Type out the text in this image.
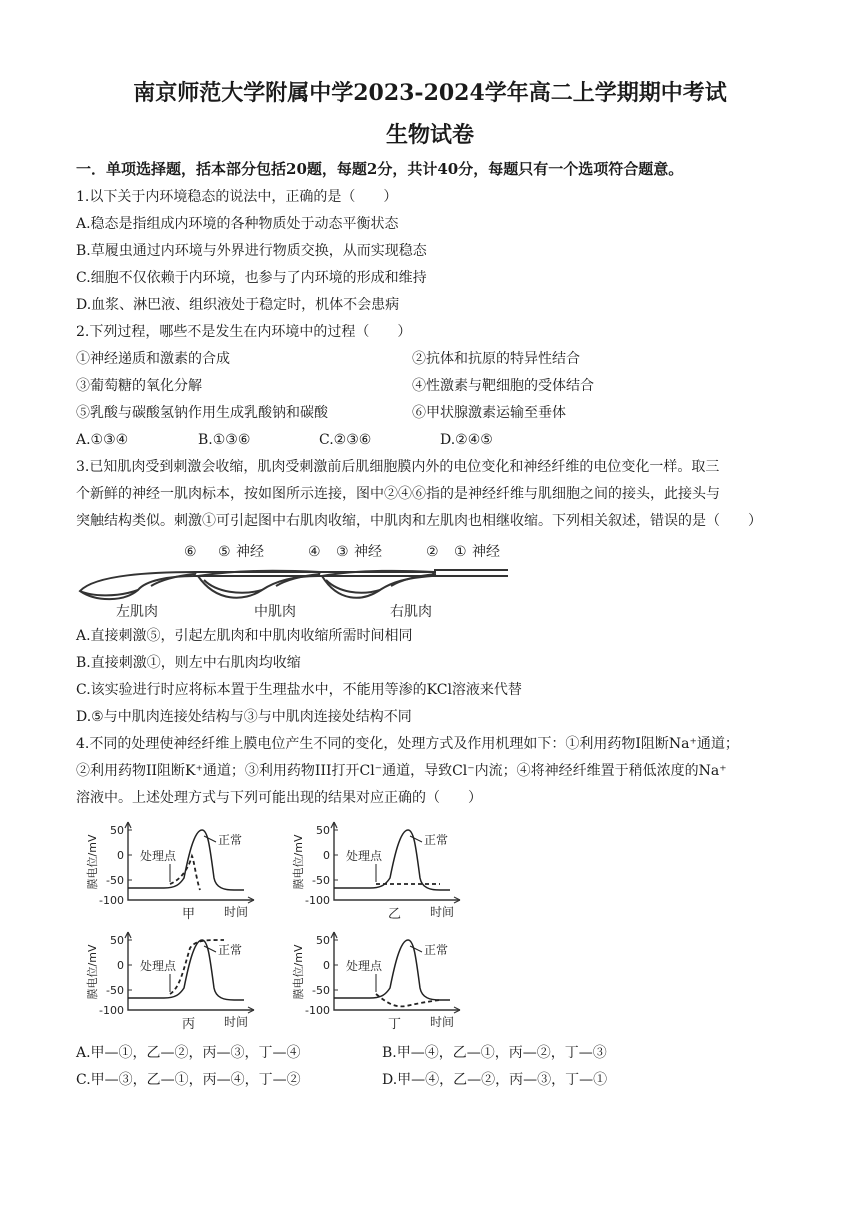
南京师范大学附属中学2023-2024学年高二上学期期中考试
生物试卷
一．单项选择题，括本部分包括20题，每题2分，共计40分，每题只有一个选项符合题意。
1.以下关于内环境稳态的说法中，正确的是（　　）
A.稳态是指组成内环境的各种物质处于动态平衡状态
B.草履虫通过内环境与外界进行物质交换，从而实现稳态
C.细胞不仅依赖于内环境，也参与了内环境的形成和维持
D.血浆、淋巴液、组织液处于稳定时，机体不会患病
2.下列过程，哪些不是发生在内环境中的过程（　　）
①神经递质和激素的合成	②抗体和抗原的特异性结合
③葡萄糖的氧化分解	④性激素与靶细胞的受体结合
⑤乳酸与碳酸氢钠作用生成乳酸钠和碳酸	⑥甲状腺激素运输至垂体
A.①③④	B.①③⑥	C.②③⑥	D.②④⑤
3.已知肌肉受到刺激会收缩，肌肉受刺激前后肌细胞膜内外的电位变化和神经纤维的电位变化一样。取三
个新鲜的神经一肌肉标本，按如图所示连接，图中②④⑥指的是神经纤维与肌细胞之间的接头，此接头与
突触结构类似。刺激①可引起图中右肌肉收缩，中肌肉和左肌肉也相继收缩。下列相关叙述，错误的是（　　）
⑥ ⑤ 神经	④ ③ 神经	② ① 神经
左肌肉	中肌肉	右肌肉
A.直接刺激⑤，引起左肌肉和中肌肉收缩所需时间相同
B.直接刺激①，则左中右肌肉均收缩
C.该实验进行时应将标本置于生理盐水中，不能用等渗的KCl溶液来代替
D.⑤与中肌肉连接处结构与③与中肌肉连接处结构不同
4.不同的处理使神经纤维上膜电位产生不同的变化，处理方式及作用机理如下：①利用药物Ⅰ阻断Na⁺通道；
②利用药物II阻断K⁺通道；③利用药物III打开Cl⁻通道，导致Cl⁻内流；④将神经纤维置于稍低浓度的Na⁺
溶液中。上述处理方式与下列可能出现的结果对应正确的（　　）
50
0
-50
-100
膜电位/mV
时间
甲
正常
处理点
50
0
-50
-100
膜电位/mV
时间
乙
正常
处理点
50
0
-50
-100
膜电位/mV
时间
丙
正常
处理点
50
0
-50
-100
膜电位/mV
时间
丁
正常
处理点
A.甲—①，乙—②，丙—③，丁—④	B.甲—④，乙—①，丙—②，丁—③
C.甲—③，乙—①，丙—④，丁—②	D.甲—④，乙—②，丙—③，丁—①
